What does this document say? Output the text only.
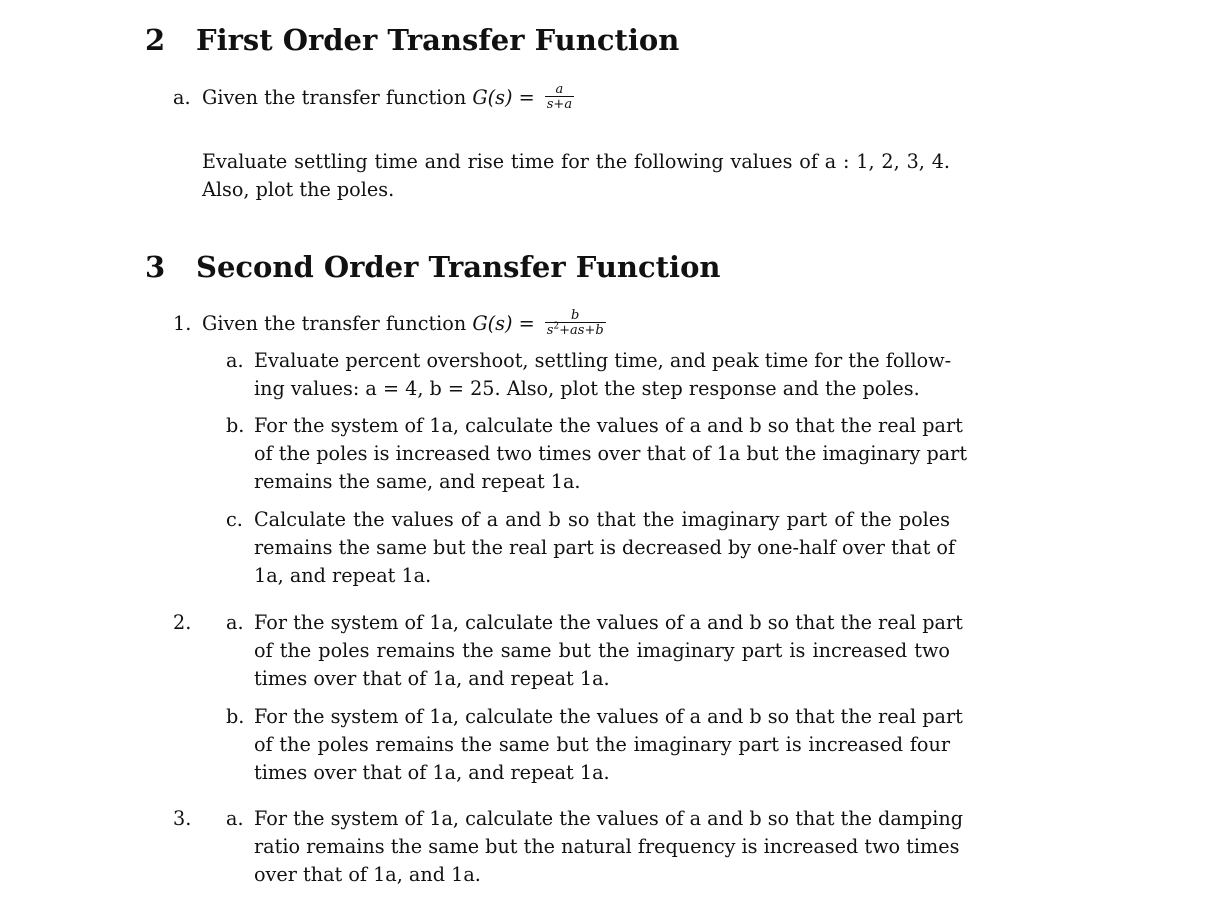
2 First Order Transfer Function
a. Given the transfer function $G(s) = \frac{a}{s+a}$
Evaluate settling time and rise time for the following values of a : 1, 2, 3, 4.
Also, plot the poles.
3 Second Order Transfer Function
1. Given the transfer function $G(s) = \frac{b}{s^2+as+b}$
a. Evaluate percent overshoot, settling time, and peak time for the follow-
ing values: a = 4, b = 25. Also, plot the step response and the poles.
b. For the system of 1a, calculate the values of a and b so that the real part
of the poles is increased two times over that of 1a but the imaginary part
remains the same, and repeat 1a.
c. Calculate the values of a and b so that the imaginary part of the poles
remains the same but the real part is decreased by one-half over that of
1a, and repeat 1a.
2. a. For the system of 1a, calculate the values of a and b so that the real part
of the poles remains the same but the imaginary part is increased two
times over that of 1a, and repeat 1a.
b. For the system of 1a, calculate the values of a and b so that the real part
of the poles remains the same but the imaginary part is increased four
times over that of 1a, and repeat 1a.
3. a. For the system of 1a, calculate the values of a and b so that the damping
ratio remains the same but the natural frequency is increased two times
over that of 1a, and 1a.
